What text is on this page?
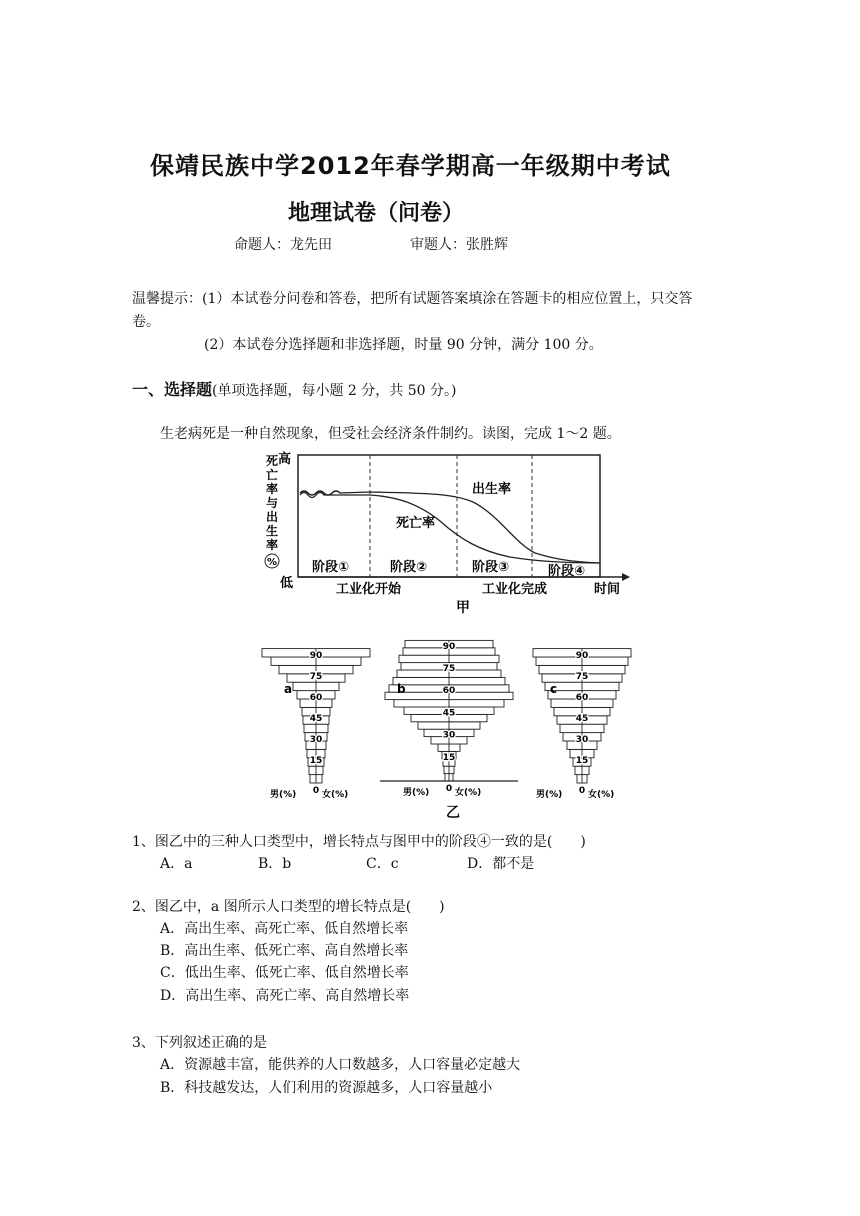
保靖民族中学2012年春学期高一年级期中考试
地理试卷（问卷）
命题人：龙先田	审题人：张胜辉
温馨提示：(1）本试卷分问卷和答卷，把所有试题答案填涂在答题卡的相应位置上，只交答
卷。
(2）本试卷分选择题和非选择题，时量 90 分钟，满分 100 分。
一、选择题(单项选择题，每小题 2 分，共 50 分。)
生老病死是一种自然现象，但受社会经济条件制约。读图，完成 1～2 题。
高
死
亡
率
与
出
生
率
%
低
出生率
死亡率
阶段①	阶段②	阶段③	阶段④
工业化开始	工业化完成	时间
甲
90
75
60
45
30
15
0
a
男(%)	女(%)
90
75
60
45
30
15
0
b
男(%)	女(%)
90
75
60
45
30
15
0
c
男(%)	女(%)
乙
1、图乙中的三种人口类型中，增长特点与图甲中的阶段④一致的是(　　)
A．a	B．b	C．c	D．都不是
2、图乙中，a 图所示人口类型的增长特点是(　　)
A．高出生率、高死亡率、低自然增长率
B．高出生率、低死亡率、高自然增长率
C．低出生率、低死亡率、低自然增长率
D．高出生率、高死亡率、高自然增长率
3、下列叙述正确的是
A．资源越丰富，能供养的人口数越多，人口容量必定越大
B．科技越发达，人们利用的资源越多，人口容量越小
